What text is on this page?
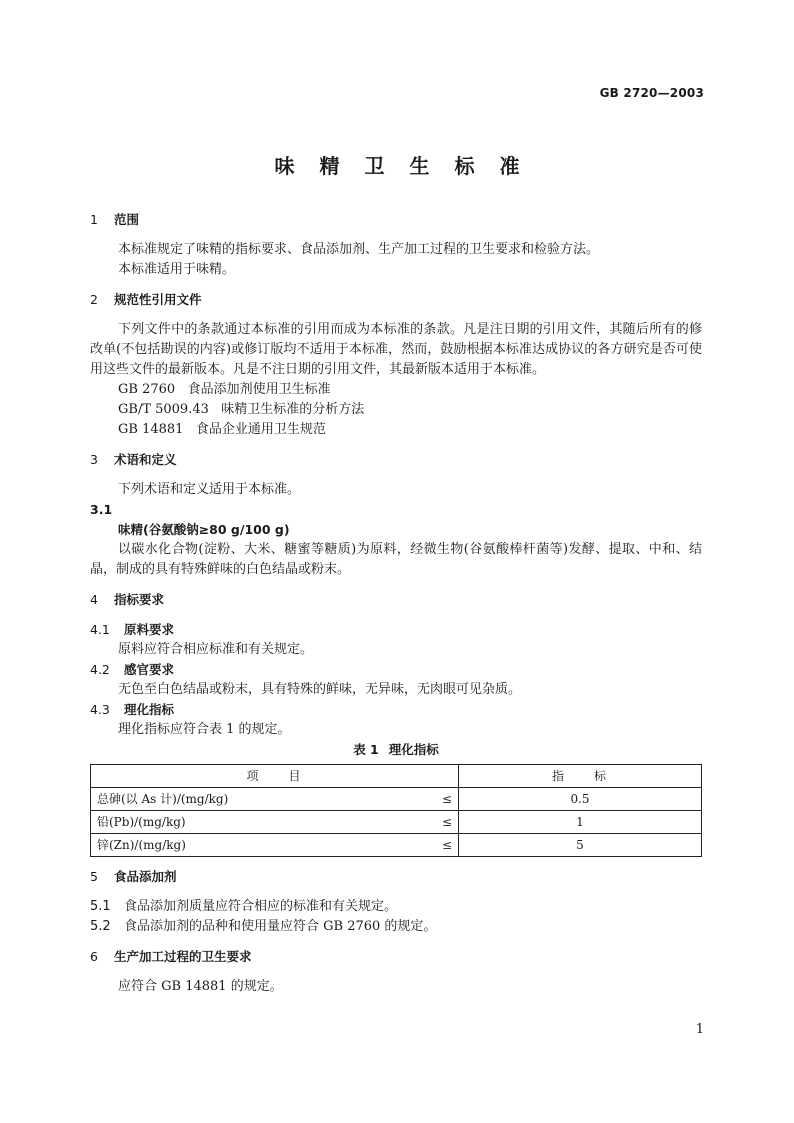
GB 2720—2003
味精卫生标准

1 范围

本标准规定了味精的指标要求、食品添加剂、生产加工过程的卫生要求和检验方法。

本标准适用于味精。

2 规范性引用文件

下列文件中的条款通过本标准的引用而成为本标准的条款。凡是注日期的引用文件，其随后所有的修改单(不包括勘误的内容)或修订版均不适用于本标准，然而，鼓励根据本标准达成协议的各方研究是否可使用这些文件的最新版本。凡是不注日期的引用文件，其最新版本适用于本标准。

GB 2760 食品添加剂使用卫生标准

GB/T 5009.43 味精卫生标准的分析方法

GB 14881 食品企业通用卫生规范

3 术语和定义

下列术语和定义适用于本标准。

3.1

味精(谷氨酸钠≥80 g/100 g)

以碳水化合物(淀粉、大米、糖蜜等糖质)为原料，经微生物(谷氨酸棒杆菌等)发酵、提取、中和、结晶，制成的具有特殊鲜味的白色结晶或粉末。

4 指标要求

4.1 原料要求

原料应符合相应标准和有关规定。

4.2 感官要求

无色至白色结晶或粉末，具有特殊的鲜味，无异味，无肉眼可见杂质。

4.3 理化指标

理化指标应符合表 1 的规定。

表 1 理化指标

项　　目		指　　标
总砷(以 As 计)/(mg/kg)	≤	0.5
铅(Pb)/(mg/kg)	≤	1
锌(Zn)/(mg/kg)	≤	5

5 食品添加剂

5.1 食品添加剂质量应符合相应的标准和有关规定。

5.2 食品添加剂的品种和使用量应符合 GB 2760 的规定。

6 生产加工过程的卫生要求

应符合 GB 14881 的规定。

1
